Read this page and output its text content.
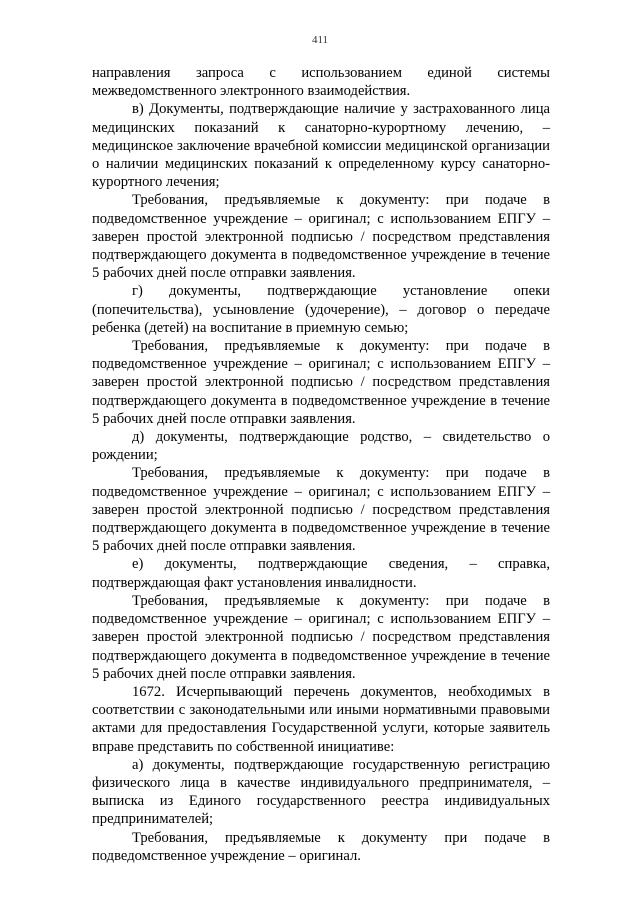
411

направления запроса с использованием единой системы межведомственного электронного взаимодействия.

в) Документы, подтверждающие наличие у застрахованного лица медицинских показаний к санаторно-курортному лечению, – медицинское заключение врачебной комиссии медицинской организации о наличии медицинских показаний к определенному курсу санаторно-курортного лечения;

Требования, предъявляемые к документу: при подаче в подведомственное учреждение – оригинал; с использованием ЕПГУ – заверен простой электронной подписью / посредством представления подтверждающего документа в подведомственное учреждение в течение 5 рабочих дней после отправки заявления.

г) документы, подтверждающие установление опеки (попечительства), усыновление (удочерение), – договор о передаче ребенка (детей) на воспитание в приемную семью;

Требования, предъявляемые к документу: при подаче в подведомственное учреждение – оригинал; с использованием ЕПГУ – заверен простой электронной подписью / посредством представления подтверждающего документа в подведомственное учреждение в течение 5 рабочих дней после отправки заявления.

д) документы, подтверждающие родство, – свидетельство о рождении;

Требования, предъявляемые к документу: при подаче в подведомственное учреждение – оригинал; с использованием ЕПГУ – заверен простой электронной подписью / посредством представления подтверждающего документа в подведомственное учреждение в течение 5 рабочих дней после отправки заявления.

е) документы, подтверждающие сведения, – справка, подтверждающая факт установления инвалидности.

Требования, предъявляемые к документу: при подаче в подведомственное учреждение – оригинал; с использованием ЕПГУ – заверен простой электронной подписью / посредством представления подтверждающего документа в подведомственное учреждение в течение 5 рабочих дней после отправки заявления.

1672. Исчерпывающий перечень документов, необходимых в соответствии с законодательными или иными нормативными правовыми актами для предоставления Государственной услуги, которые заявитель вправе представить по собственной инициативе:

а) документы, подтверждающие государственную регистрацию физического лица в качестве индивидуального предпринимателя, – выписка из Единого государственного реестра индивидуальных предпринимателей;

Требования, предъявляемые к документу при подаче в подведомственное учреждение – оригинал.
